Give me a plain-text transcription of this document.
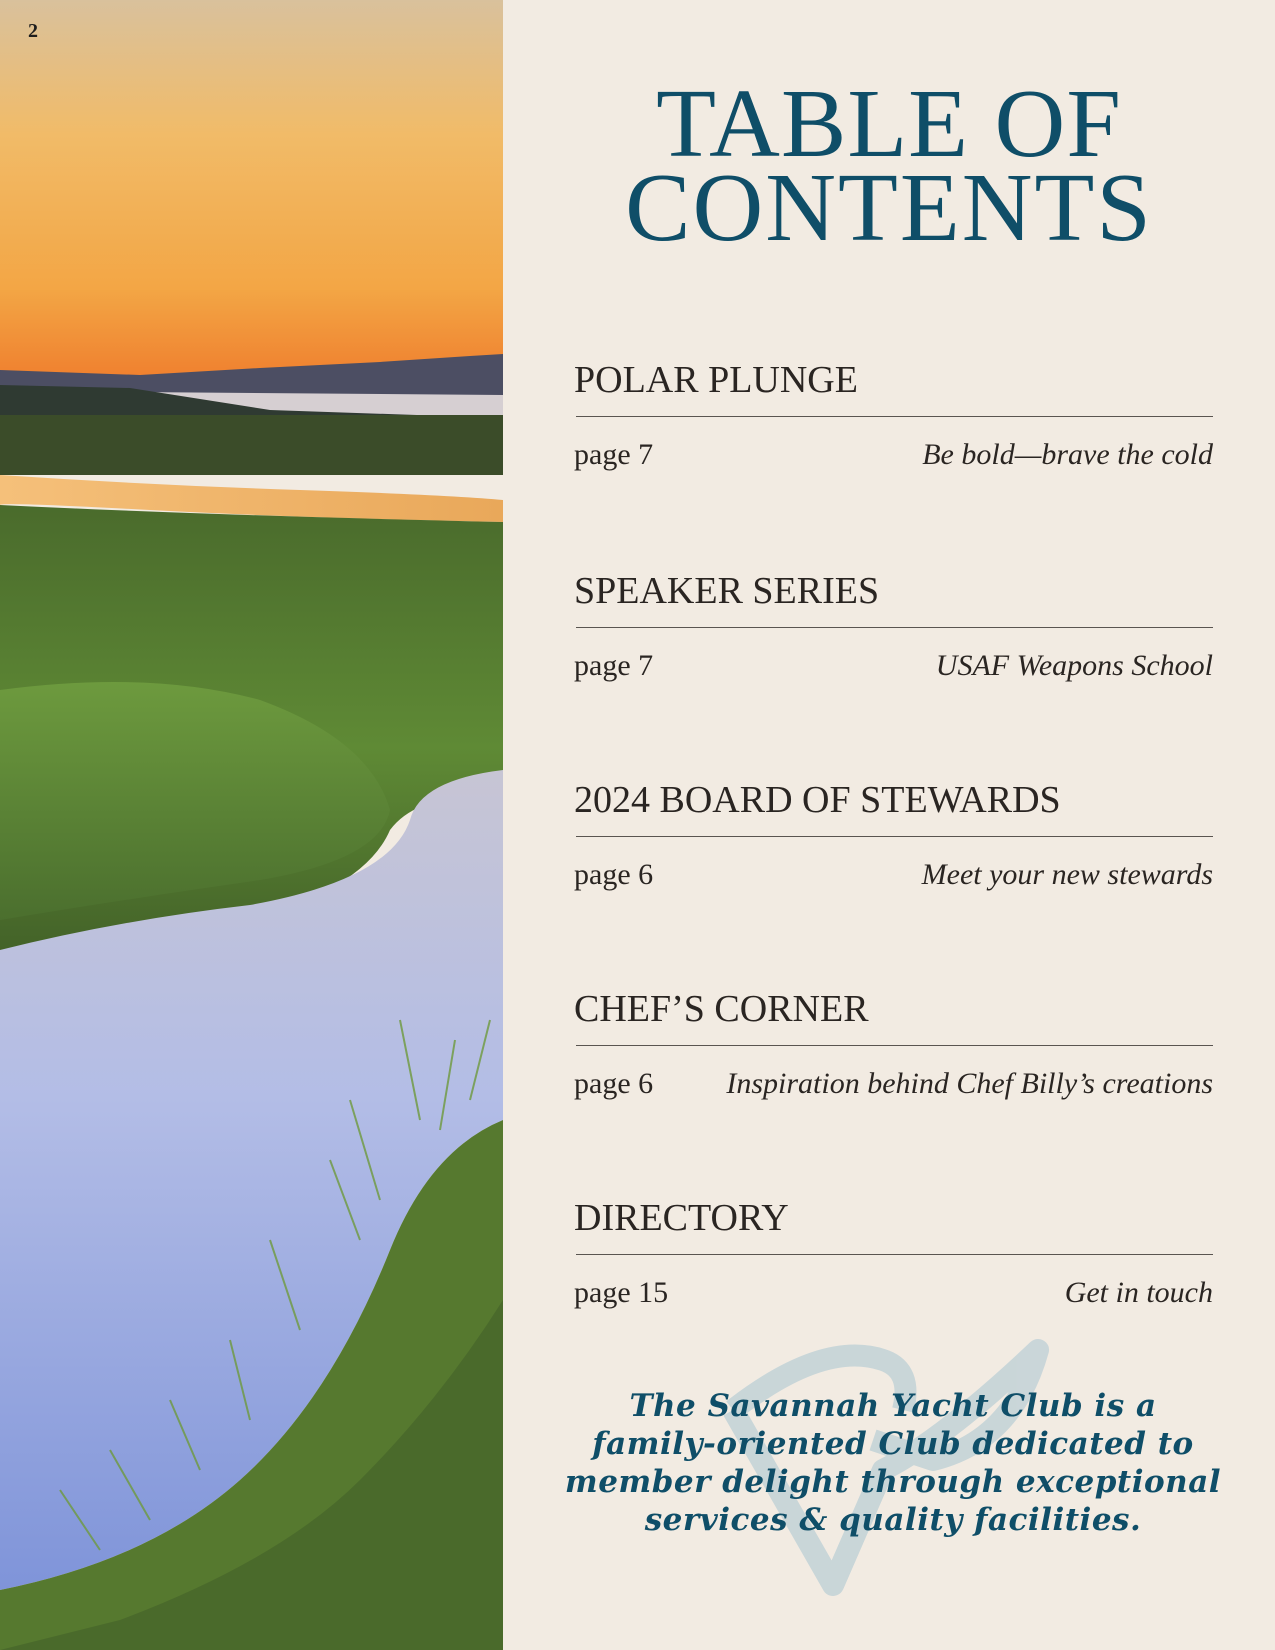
2
TABLE OF
CONTENTS
POLAR PLUNGE
page 7	Be bold—brave the cold
SPEAKER SERIES
page 7	USAF Weapons School
2024 BOARD OF STEWARDS
page 6	Meet your new stewards
CHEF’S CORNER
page 6 Inspiration behind Chef Billy’s creations
DIRECTORY
page 15	Get in touch
The Savannah Yacht Club is a
family-oriented Club dedicated to
member delight through exceptional
services & quality facilities.
